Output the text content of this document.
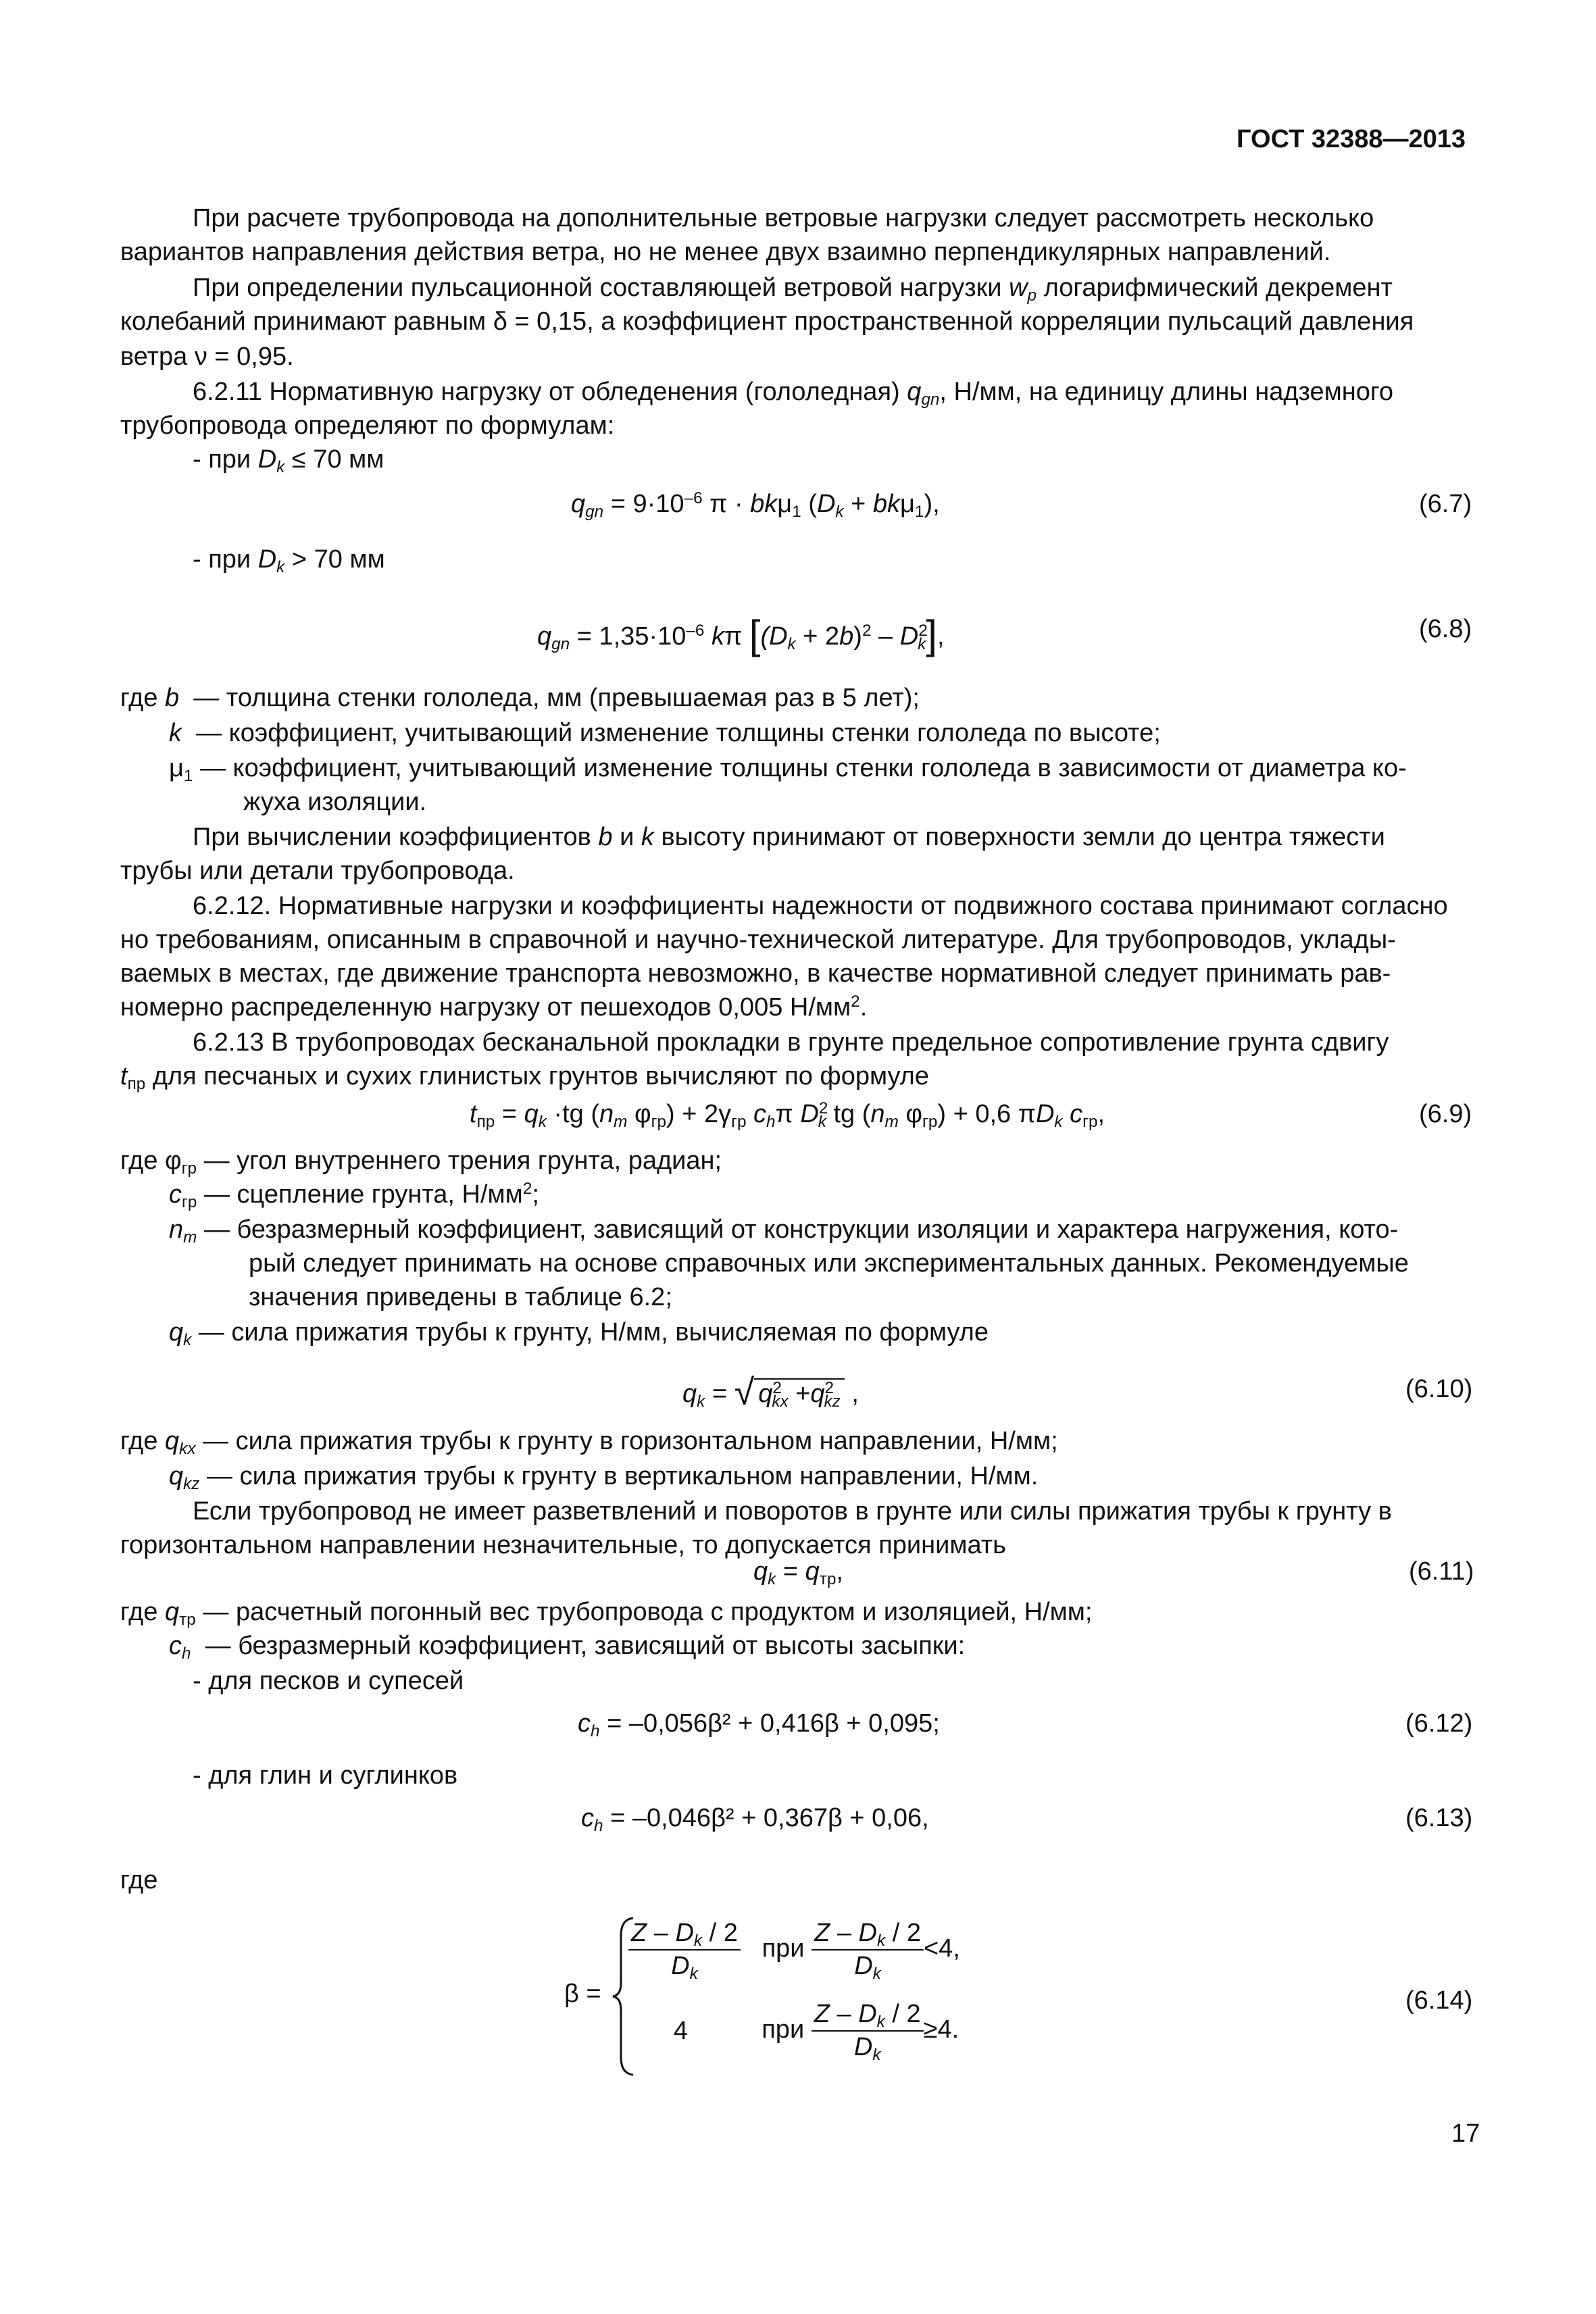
ГОСТ 32388—2013
При расчете трубопровода на дополнительные ветровые нагрузки следует рассмотреть несколько
вариантов направления действия ветра, но не менее двух взаимно перпендикулярных направлений.
При определении пульсационной составляющей ветровой нагрузки $w_p$ логарифмический декремент
колебаний принимают равным δ = 0,15, а коэффициент пространственной корреляции пульсаций давления
ветра ν = 0,95.
6.2.11 Нормативную нагрузку от обледенения (гололедная) $q_{gn}$, Н/мм, на единицу длины надземного
трубопровода определяют по формулам:
- при $D_k \le 70$ мм
$q_{gn} = 9\cdot 10^{-6}$ π · bkμ$_1$ $(D_k + bk\mu_1)$,	(6.7)
- при $D_k > 70$ мм
$q_{gn} = 1,35\cdot 10^{-6}$ kπ $[(D_k + 2b)^2 - D^2_k]$,	(6.8)
где b — толщина стенки гололеда, мм (превышаемая раз в 5 лет);
k — коэффициент, учитывающий изменение толщины стенки гололеда по высоте;
$\mu_1$ — коэффициент, учитывающий изменение толщины стенки гололеда в зависимости от диаметра ко-
жуха изоляции.
При вычислении коэффициентов b и k высоту принимают от поверхности земли до центра тяжести
трубы или детали трубопровода.
6.2.12. Нормативные нагрузки и коэффициенты надежности от подвижного состава принимают согласно
но требованиям, описанным в справочной и научно-технической литературе. Для трубопроводов, уклады-
ваемых в местах, где движение транспорта невозможно, в качестве нормативной следует принимать рав-
номерно распределенную нагрузку от пешеходов 0,005 $Н/мм^2$.
6.2.13 В трубопроводах бесканальной прокладки в грунте предельное сопротивление грунта сдвигу
$t_{пр}$ для песчаных и сухих глинистых грунтов вычисляют по формуле
$t_{пр} = q_k \cdot tg$ ($n_m$ $\varphi_{гр}) + 2\gamma_{гр}$ $c_h\pi$ $D^2_k$ tg ($n_m$ $\varphi_{гр}) + 0,6$ $\pi D_k$ $c_{гр}$,	(6.9)
где $\varphi_{гр}$ — угол внутреннего трения грунта, радиан;
$c_{гр}$ — сцепление грунта, $Н/мм^2$;
$n_m$ — безразмерный коэффициент, зависящий от конструкции изоляции и характера нагружения, кото-
рый следует принимать на основе справочных или экспериментальных данных. Рекомендуемые
значения приведены в таблице 6.2;
$q_k$ — сила прижатия трубы к грунту, Н/мм, вычисляемая по формуле
$q_k$ = √ $q^2_{kx} +q^2_{kz}$ ,	(6.10)
где $q_{kx}$ — сила прижатия трубы к грунту в горизонтальном направлении, Н/мм;
$q_{kz}$ — сила прижатия трубы к грунту в вертикальном направлении, Н/мм.
Если трубопровод не имеет разветвлений и поворотов в грунте или силы прижатия трубы к грунту в
горизонтальном направлении незначительные, то допускается принимать
$q_k = q_{тр}$,	(6.11)
где $q_{тр}$ — расчетный погонный вес трубопровода с продуктом и изоляцией, Н/мм;
$c_h$ — безразмерный коэффициент, зависящий от высоты засыпки:
- для песков и супесей
$c_h = -0,056\beta^2 + 0,416\beta + 0,095$;	(6.12)
- для глин и суглинков
$c_h = -0,046\beta^2 + 0,367\beta + 0,06$,	(6.13)
где
β =
$\frac{Z - D_k / 2}{D_k}$ при $\frac{Z - D_k / 2}{D_k} <4$,
4    при $\frac{Z - D_k / 2}{D_k} \ge 4$.
(6.14)
17
